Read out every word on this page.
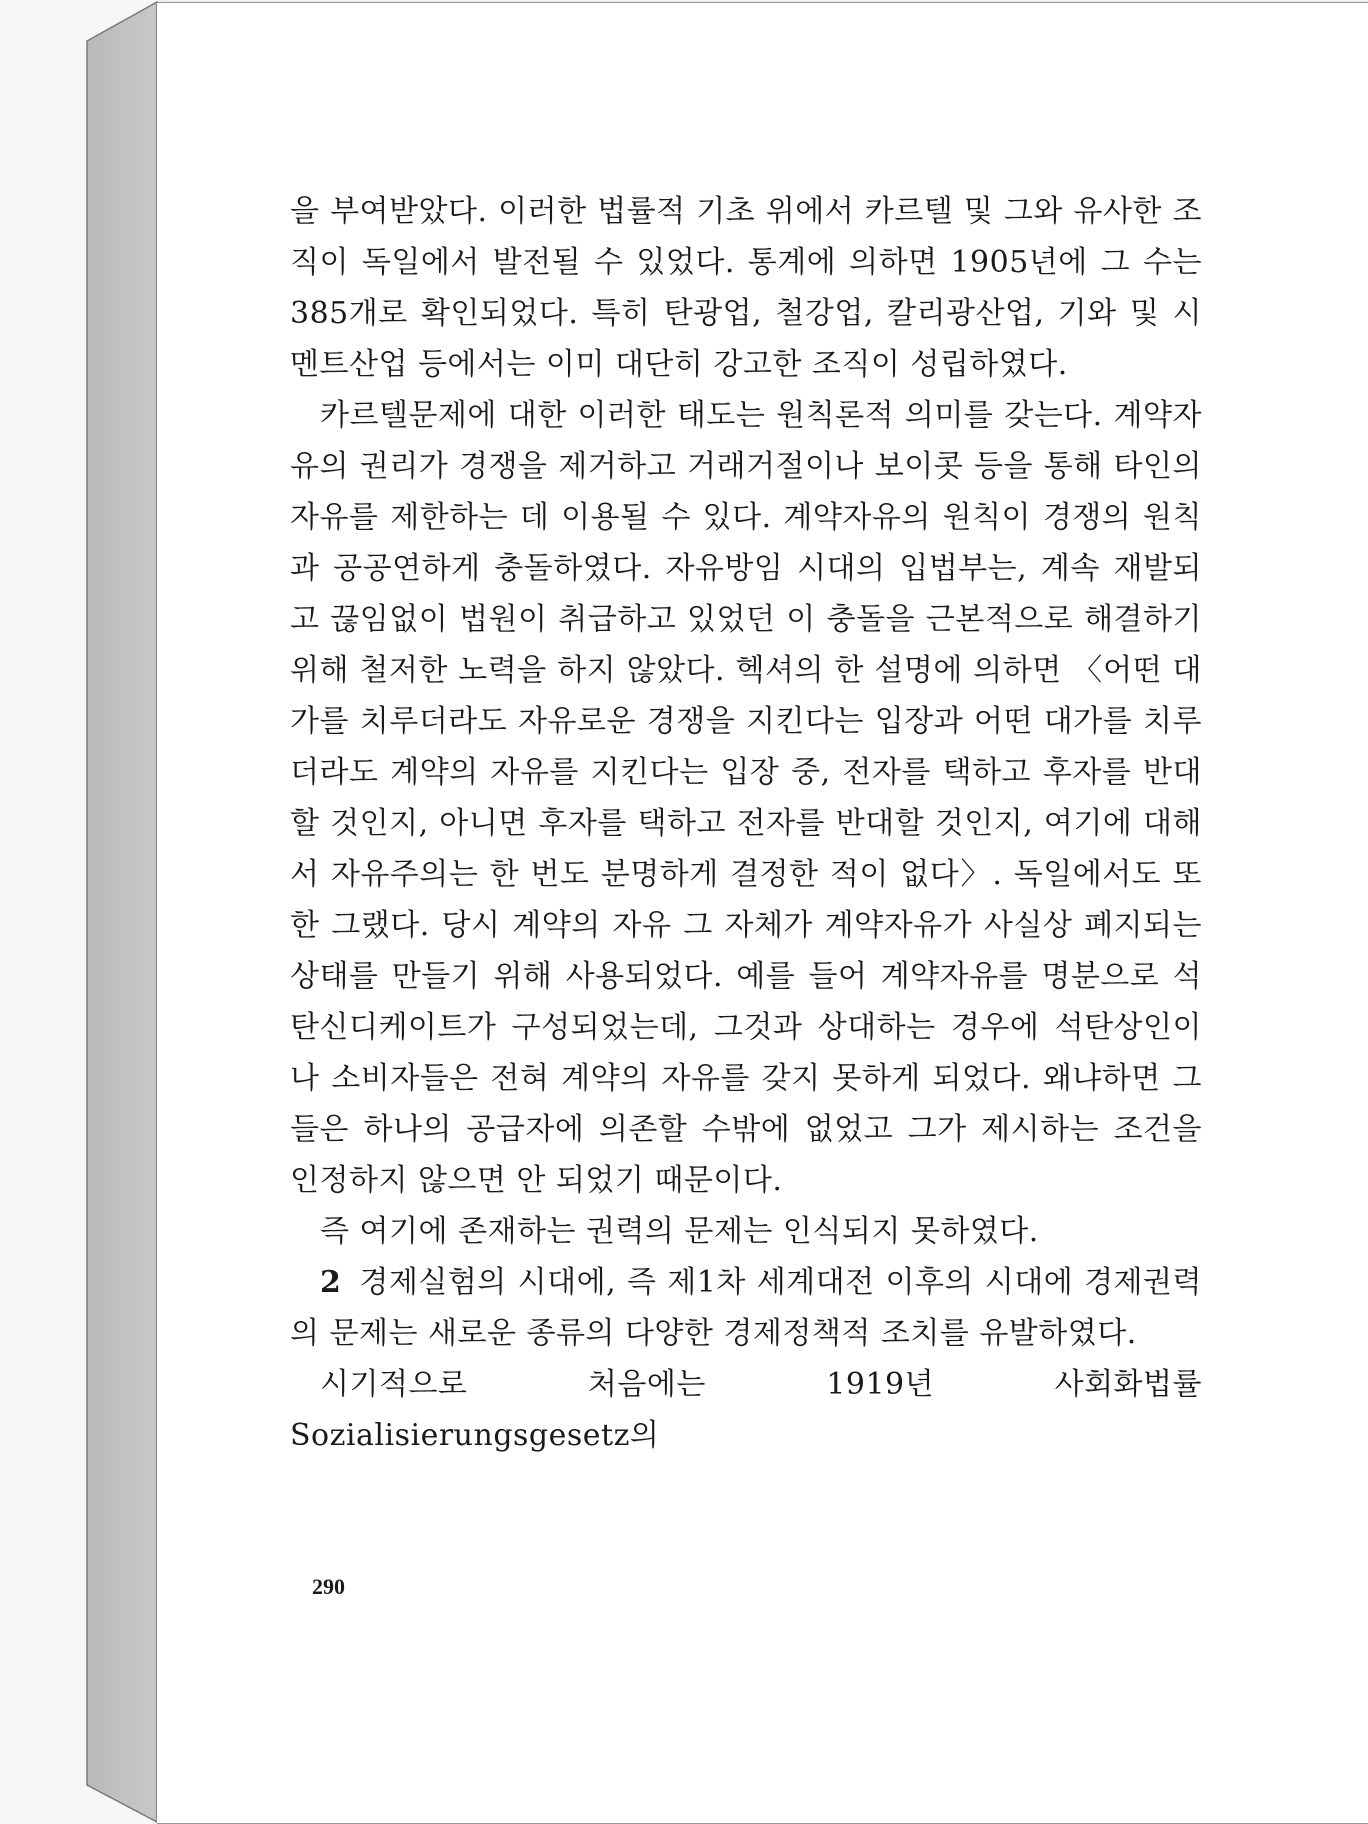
을 부여받았다. 이러한 법률적 기초 위에서 카르텔 및 그와 유사한 조직이 독일에서 발전될 수 있었다. 통계에 의하면 1905년에 그 수는 385개로 확인되었다. 특히 탄광업, 철강업, 칼리광산업, 기와 및 시멘트산업 등에서는 이미 대단히 강고한 조직이 성립하였다.

카르텔문제에 대한 이러한 태도는 원칙론적 의미를 갖는다. 계약자유의 권리가 경쟁을 제거하고 거래거절이나 보이콧 등을 통해 타인의 자유를 제한하는 데 이용될 수 있다. 계약자유의 원칙이 경쟁의 원칙과 공공연하게 충돌하였다. 자유방임 시대의 입법부는, 계속 재발되고 끊임없이 법원이 취급하고 있었던 이 충돌을 근본적으로 해결하기 위해 철저한 노력을 하지 않았다. 헥셔의 한 설명에 의하면 〈어떤 대가를 치루더라도 자유로운 경쟁을 지킨다는 입장과 어떤 대가를 치루더라도 계약의 자유를 지킨다는 입장 중, 전자를 택하고 후자를 반대할 것인지, 아니면 후자를 택하고 전자를 반대할 것인지, 여기에 대해서 자유주의는 한 번도 분명하게 결정한 적이 없다〉. 독일에서도 또한 그랬다. 당시 계약의 자유 그 자체가 계약자유가 사실상 폐지되는 상태를 만들기 위해 사용되었다. 예를 들어 계약자유를 명분으로 석탄신디케이트가 구성되었는데, 그것과 상대하는 경우에 석탄상인이나 소비자들은 전혀 계약의 자유를 갖지 못하게 되었다. 왜냐하면 그들은 하나의 공급자에 의존할 수밖에 없었고 그가 제시하는 조건을 인정하지 않으면 안 되었기 때문이다.

즉 여기에 존재하는 권력의 문제는 인식되지 못하였다.

2 경제실험의 시대에, 즉 제1차 세계대전 이후의 시대에 경제권력의 문제는 새로운 종류의 다양한 경제정책적 조치를 유발하였다.

시기적으로 처음에는 1919년 사회화법률 Sozialisierungsgesetz의

290
